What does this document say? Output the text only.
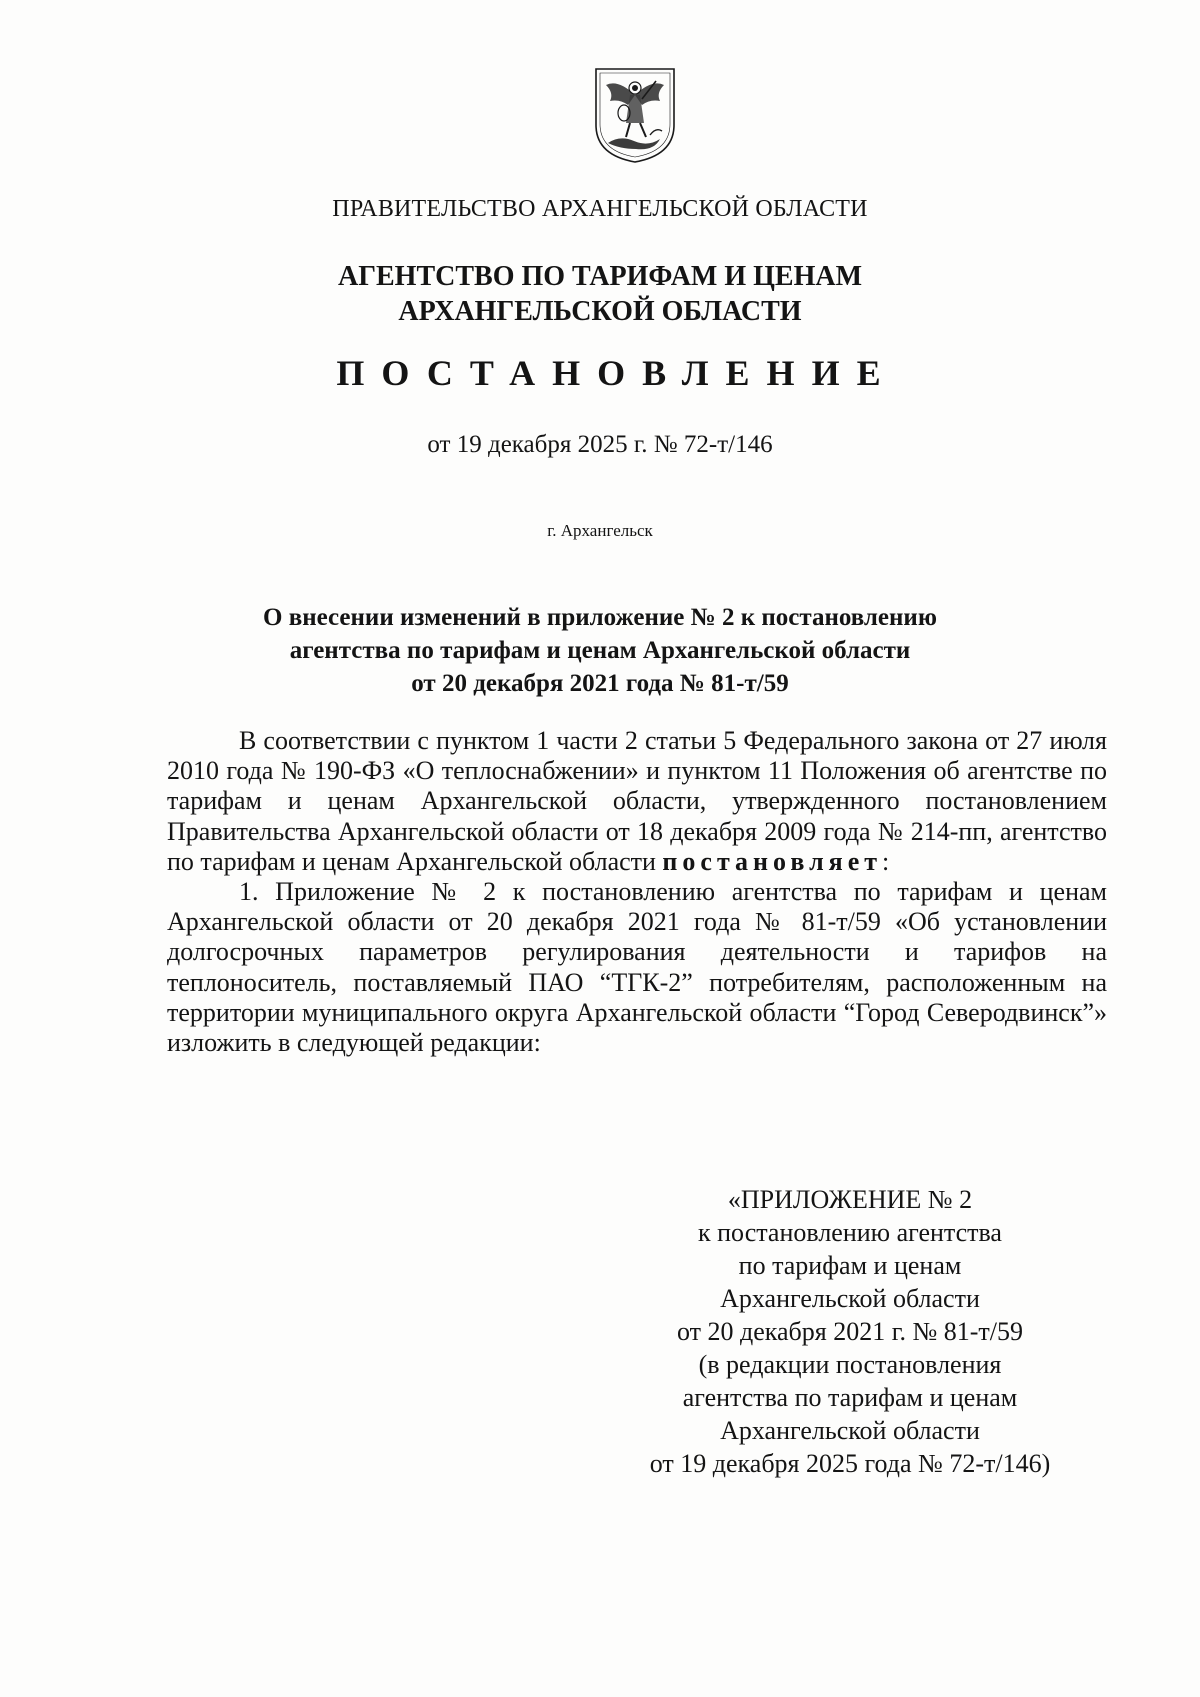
ПРАВИТЕЛЬСТВО АРХАНГЕЛЬСКОЙ ОБЛАСТИ
АГЕНТСТВО ПО ТАРИФАМ И ЦЕНАМ
АРХАНГЕЛЬСКОЙ ОБЛАСТИ
ПОСТАНОВЛЕНИЕ
от 19 декабря 2025 г. № 72-т/146
г. Архангельск
О внесении изменений в приложение № 2 к постановлению
агентства по тарифам и ценам Архангельской области
от 20 декабря 2021 года № 81-т/59

В соответствии с пунктом 1 части 2 статьи 5 Федерального закона от 27 июля 2010 года № 190-ФЗ «О теплоснабжении» и пунктом 11 Положения об агентстве по тарифам и ценам Архангельской области, утвержденного постановлением Правительства Архангельской области от 18 декабря 2009 года № 214-пп, агентство по тарифам и ценам Архангельской области постановляет:

1. Приложение № 2 к постановлению агентства по тарифам и ценам Архангельской области от 20 декабря 2021 года № 81-т/59 «Об установлении долгосрочных параметров регулирования деятельности и тарифов на теплоноситель, поставляемый ПАО “ТГК-2” потребителям, расположенным на территории муниципального округа Архангельской области “Город Северодвинск”» изложить в следующей редакции:

«ПРИЛОЖЕНИЕ № 2
к постановлению агентства
по тарифам и ценам
Архангельской области
от 20 декабря 2021 г. № 81-т/59
(в редакции постановления
агентства по тарифам и ценам
Архангельской области
от 19 декабря 2025 года № 72-т/146)
